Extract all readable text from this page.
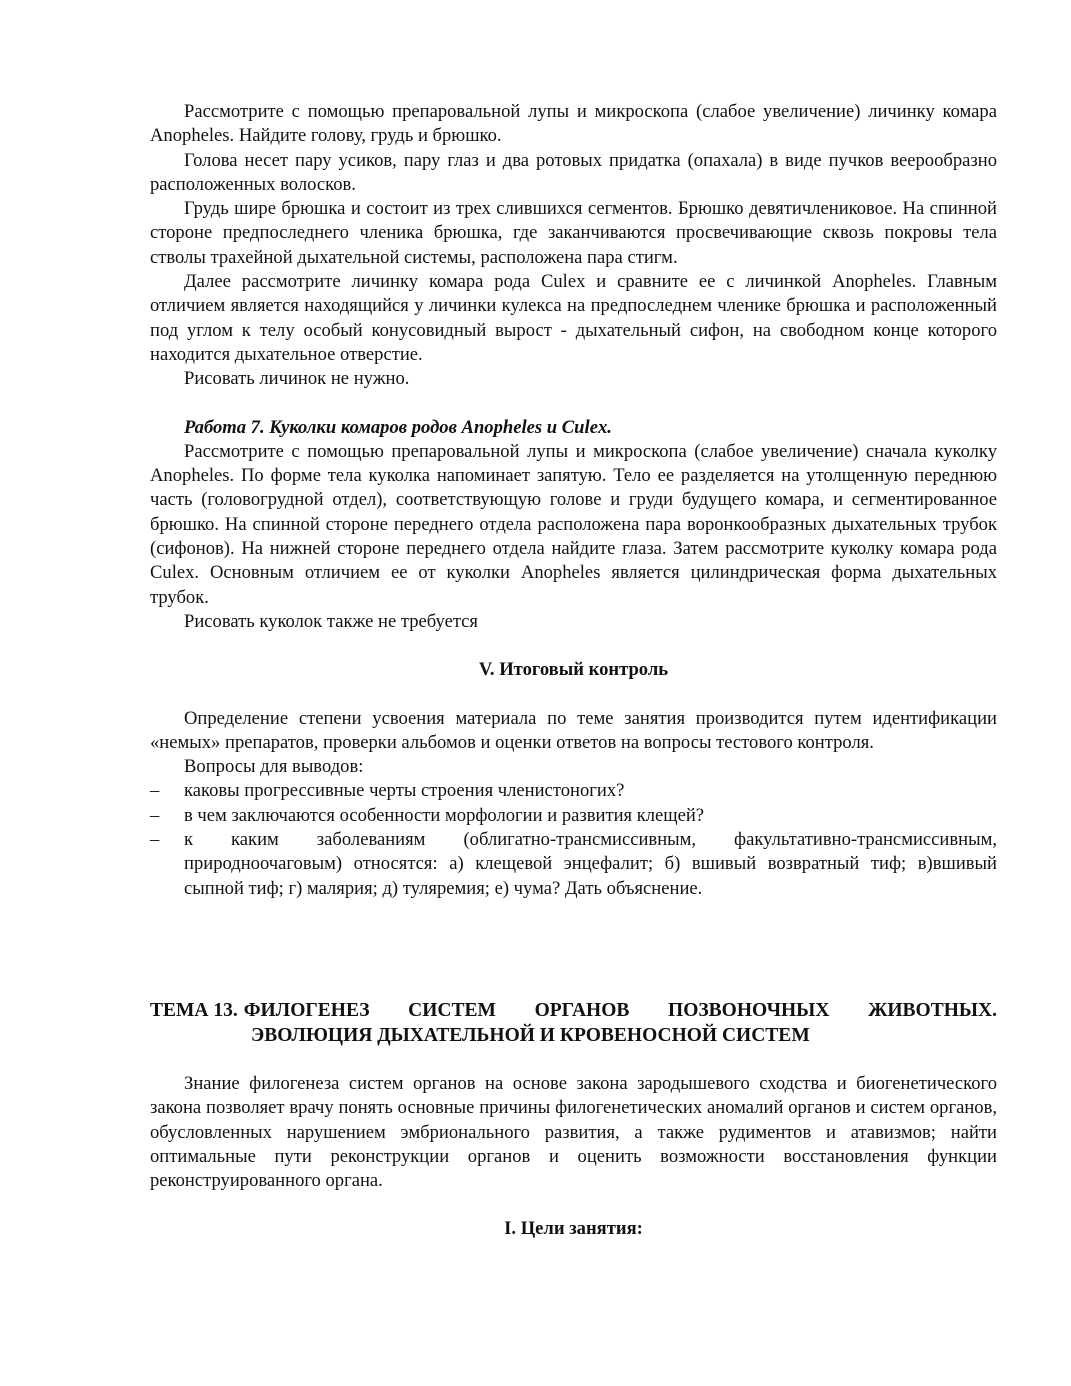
Рассмотрите с помощью препаровальной лупы и микроскопа (слабое увеличение) личинку комара Anopheles. Найдите голову, грудь и брюшко.

Голова несет пару усиков, пару глаз и два ротовых придатка (опахала) в виде пучков веерообразно расположенных волосков.

Грудь шире брюшка и состоит из трех слившихся сегментов. Брюшко девятичлениковое. На спинной стороне предпоследнего членика брюшка, где заканчиваются просвечивающие сквозь покровы тела стволы трахейной дыхательной системы, расположена пара стигм.

Далее рассмотрите личинку комара рода Culex и сравните ее с личинкой Anopheles. Главным отличием является находящийся у личинки кулекса на предпоследнем членике брюшка и расположенный под углом к телу особый конусовидный вырост - дыхательный сифон, на свободном конце которого находится дыхательное отверстие.

Рисовать личинок не нужно.

Работа 7. Куколки комаров родов Anopheles и Culex.

Рассмотрите с помощью препаровальной лупы и микроскопа (слабое увеличение) сначала куколку Anopheles. По форме тела куколка напоминает запятую. Тело ее разделяется на утолщенную переднюю часть (головогрудной отдел), соответствующую голове и груди будущего комара, и сегментированное брюшко. На спинной стороне переднего отдела расположена пара воронкообразных дыхательных трубок (сифонов). На нижней стороне переднего отдела найдите глаза. Затем рассмотрите куколку комара рода Culex. Основным отличием ее от куколки Anopheles является цилиндрическая форма дыхательных трубок.

Рисовать куколок также не требуется

V. Итоговый контроль

Определение степени усвоения материала по теме занятия производится путем идентификации «немых» препаратов, проверки альбомов и оценки ответов на вопросы тестового контроля.

Вопросы для выводов:

– каковы прогрессивные черты строения членистоногих?
– в чем заключаются особенности морфологии и развития клещей?
– к каким заболеваниям (облигатно-трансмиссивным, факультативно-трансмиссивным, природноочаговым) относятся: а) клещевой энцефалит; б) вшивый возвратный тиф; в)вшивый сыпной тиф; г) малярия; д) туляремия; е) чума? Дать объяснение.
ТЕМА 13. ФИЛОГЕНЕЗ СИСТЕМ ОРГАНОВ ПОЗВОНОЧНЫХ ЖИВОТНЫХ.
ЭВОЛЮЦИЯ ДЫХАТЕЛЬНОЙ И КРОВЕНОСНОЙ СИСТЕМ

Знание филогенеза систем органов на основе закона зародышевого сходства и биогенетического закона позволяет врачу понять основные причины филогенетических аномалий органов и систем органов, обусловленных нарушением эмбрионального развития, а также рудиментов и атавизмов; найти оптимальные пути реконструкции органов и оценить возможности восстановления функции реконструированного органа.

I. Цели занятия:
